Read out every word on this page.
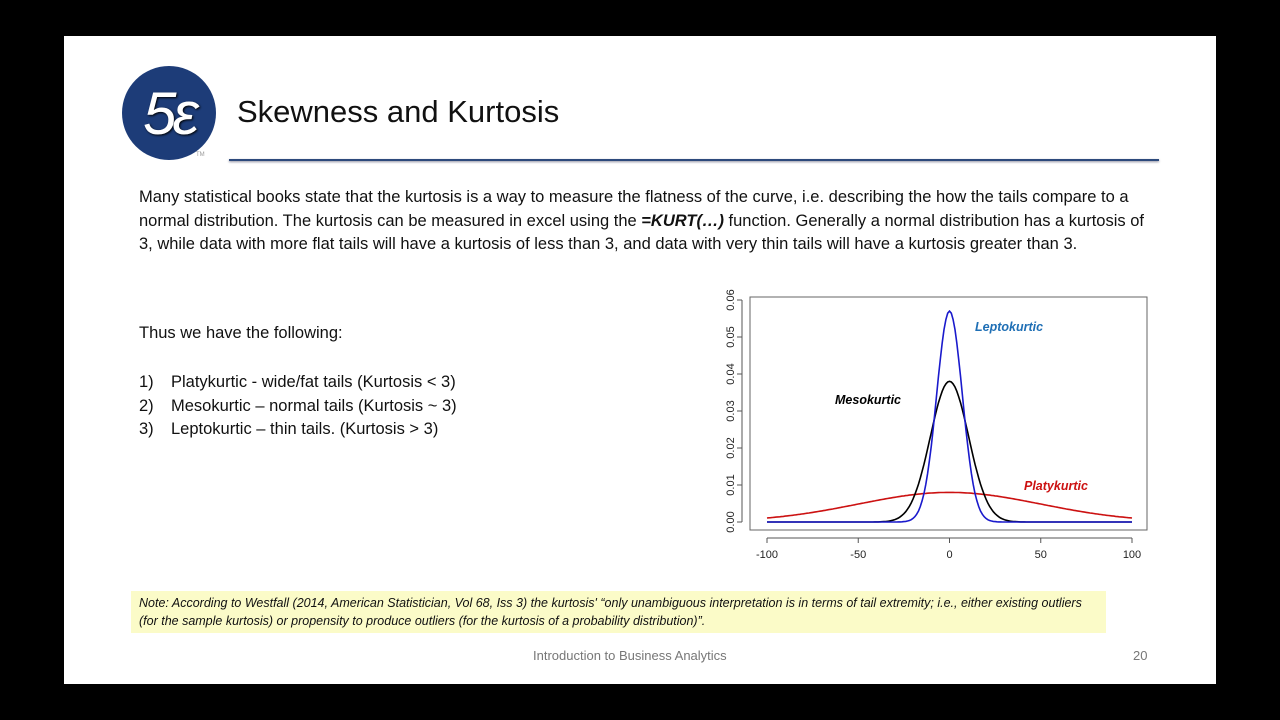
5ε
TM
Skewness and Kurtosis
Many statistical books state that the kurtosis is a way to measure the flatness of the curve, i.e. describing the how the tails compare to a normal distribution. The kurtosis can be measured in excel using the =KURT(…) function. Generally a normal distribution has a kurtosis of 3, while data with more flat tails will have a kurtosis of less than 3, and data with very thin tails will have a kurtosis greater than 3.
Thus we have the following:
1) Platykurtic - wide/fat tails (Kurtosis < 3)
2) Mesokurtic – normal tails (Kurtosis ~ 3)
3) Leptokurtic – thin tails. (Kurtosis > 3)
Note: According to Westfall (2014, American Statistician, Vol 68, Iss 3) the kurtosis' “only unambiguous interpretation is in terms of tail extremity; i.e., either existing outliers (for the sample kurtosis) or propensity to produce outliers (for the kurtosis of a probability distribution)”.
Introduction to Business Analytics	20
-100	-50	0	50	100
0.00
0.01
0.02
0.03
0.04
0.05
0.06
Platykurtic
Mesokurtic
Leptokurtic
